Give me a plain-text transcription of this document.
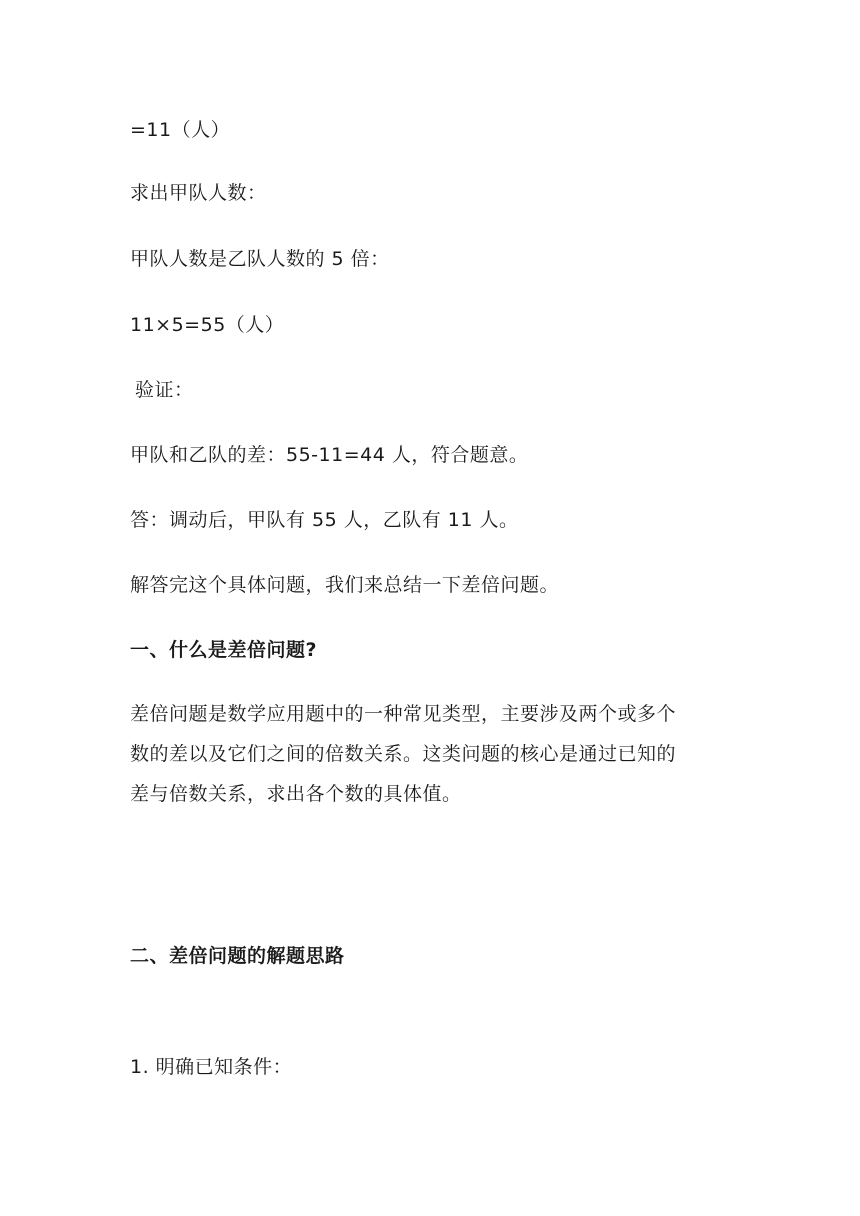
=11（人）
求出甲队人数：
甲队人数是乙队人数的 5 倍：
11×5=55（人）
验证：
甲队和乙队的差：55-11=44 人，符合题意。
答：调动后，甲队有 55 人，乙队有 11 人。
解答完这个具体问题，我们来总结一下差倍问题。
一、什么是差倍问题?
差倍问题是数学应用题中的一种常见类型，主要涉及两个或多个
数的差以及它们之间的倍数关系。这类问题的核心是通过已知的
差与倍数关系，求出各个数的具体值。
二、差倍问题的解题思路
1. 明确已知条件：
